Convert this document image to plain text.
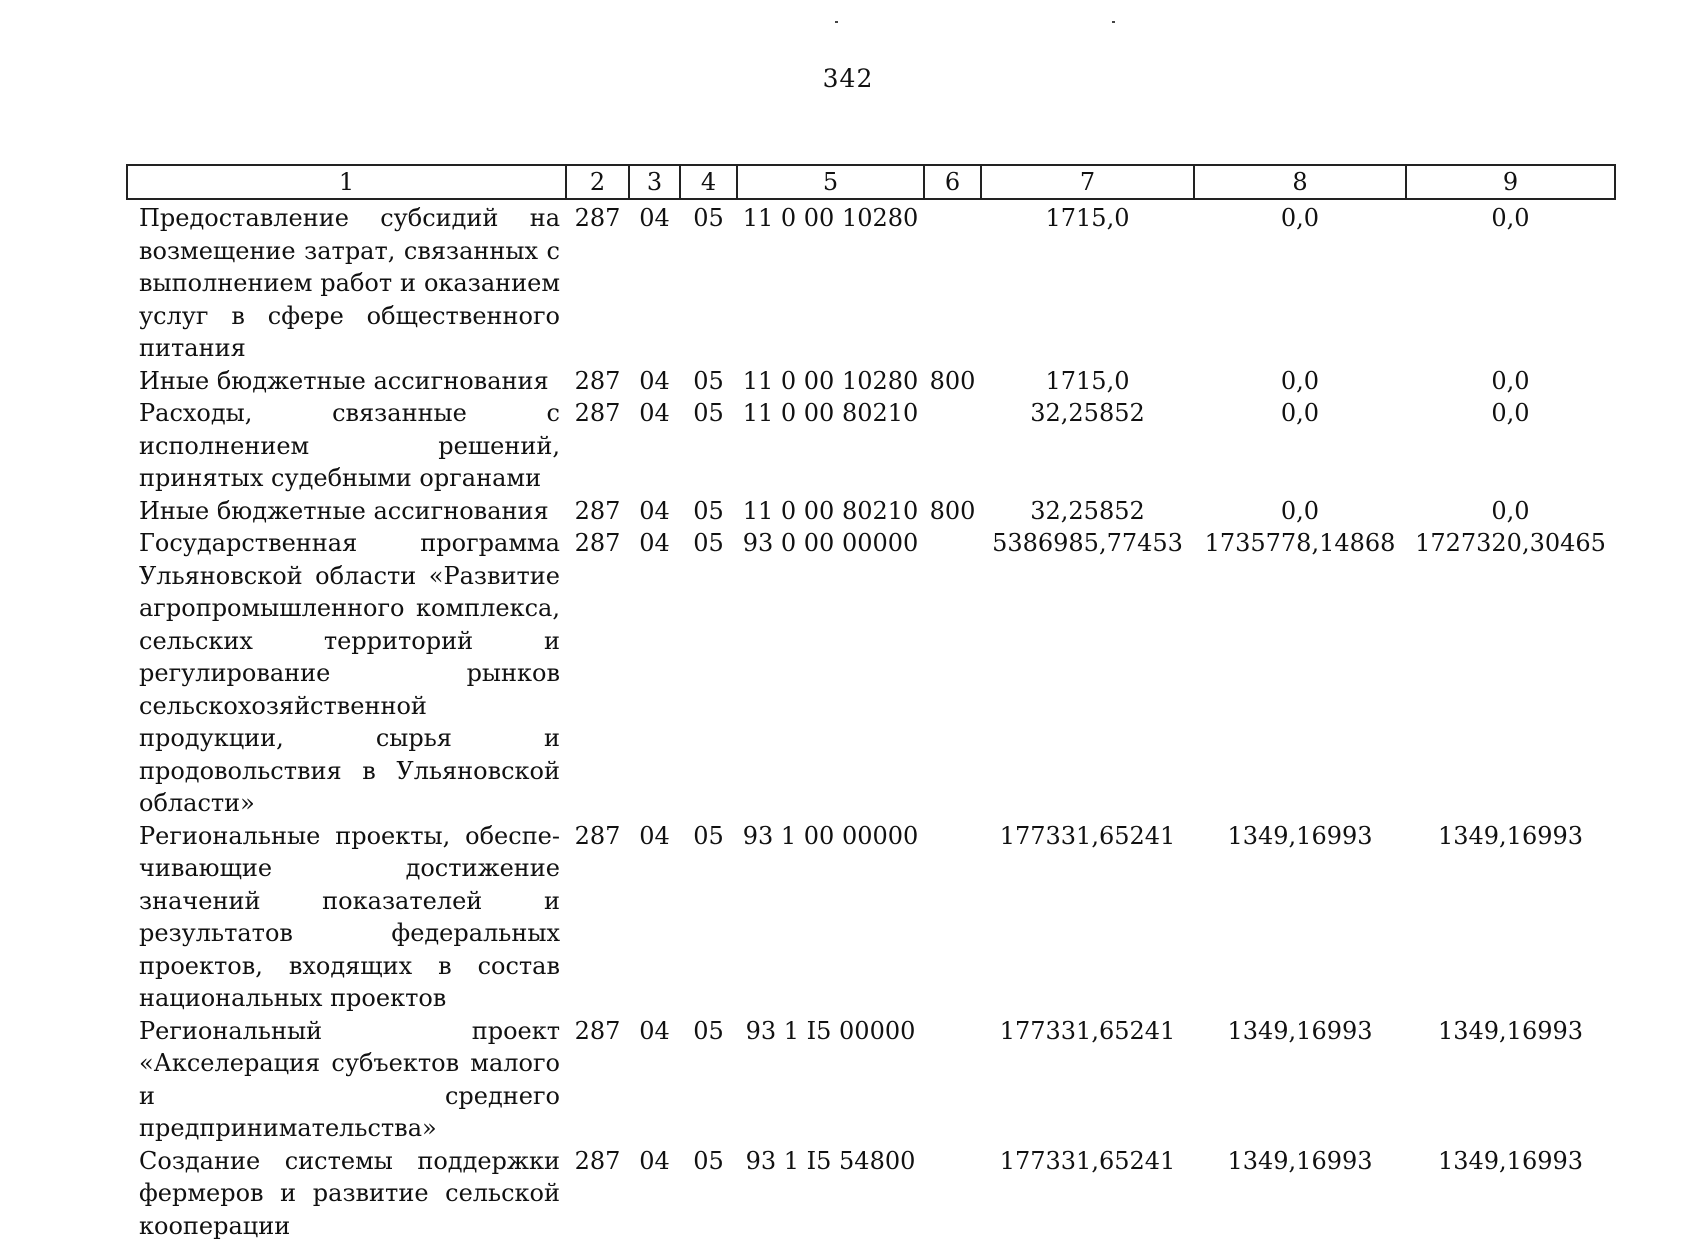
342
1	2	3	4	5	6	7	8	9
Предоставление субсидий на возмещение затрат, связанных с выполнением работ и оказанием услуг в сфере общественного питания	287	04	05	11 0 00 10280		1715,0	0,0	0,0
Иные бюджетные ассигнования	287	04	05	11 0 00 10280	800	1715,0	0,0	0,0
Расходы, связанные с исполнением решений, принятых судебными органами	287	04	05	11 0 00 80210		32,25852	0,0	0,0
Иные бюджетные ассигнования	287	04	05	11 0 00 80210	800	32,25852	0,0	0,0
Государственная программа Ульяновской области «Развитие агропромышленного комплекса, сельских территорий и регулирование рынков сельскохозяйственной продукции, сырья и продовольствия в Ульяновской области»	287	04	05	93 0 00 00000		5386985,77453	1735778,14868	1727320,30465
Региональные проекты, обеспечивающие достижение значений показателей и результатов федеральных проектов, входящих в состав национальных проектов	287	04	05	93 1 00 00000		177331,65241	1349,16993	1349,16993
Региональный проект «Акселерация субъектов малого и среднего предпринимательства»	287	04	05	93 1 I5 00000		177331,65241	1349,16993	1349,16993
Создание системы поддержки фермеров и развитие сельской кооперации	287	04	05	93 1 I5 54800		177331,65241	1349,16993	1349,16993
